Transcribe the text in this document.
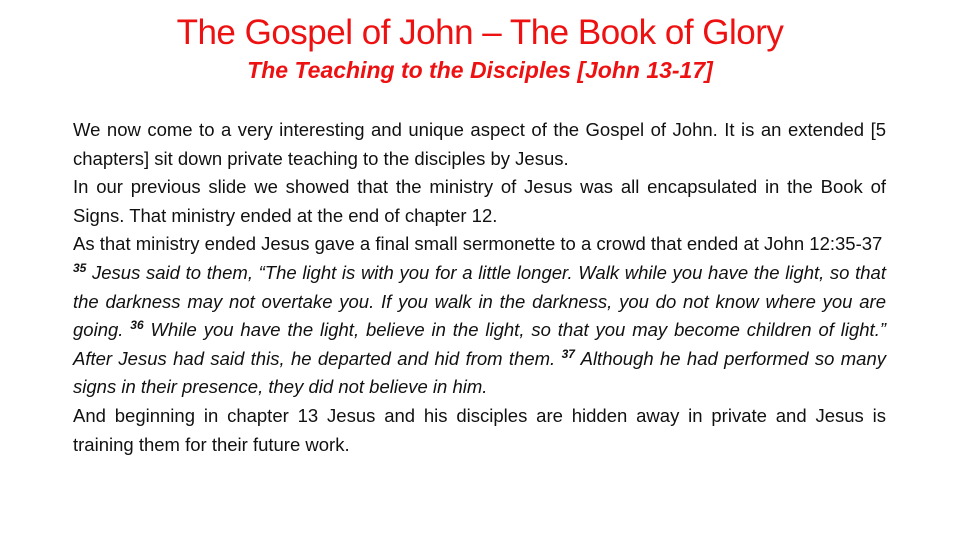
The Gospel of John – The Book of Glory
The Teaching to the Disciples [John 13-17]

We now come to a very interesting and unique aspect of the Gospel of John. It is an extended [5 chapters] sit down private teaching to the disciples by Jesus.

In our previous slide we showed that the ministry of Jesus was all encapsulated in the Book of Signs. That ministry ended at the end of chapter 12.

As that ministry ended Jesus gave a final small sermonette to a crowd that ended at John 12:35-37

$^{35}$ Jesus said to them, “The light is with you for a little longer. Walk while you have the light, so that the darkness may not overtake you. If you walk in the darkness, you do not know where you are going. $^{36}$ While you have the light, believe in the light, so that you may become children of light.” After Jesus had said this, he departed and hid from them. $^{37}$ Although he had performed so many signs in their presence, they did not believe in him.

And beginning in chapter 13 Jesus and his disciples are hidden away in private and Jesus is training them for their future work.
